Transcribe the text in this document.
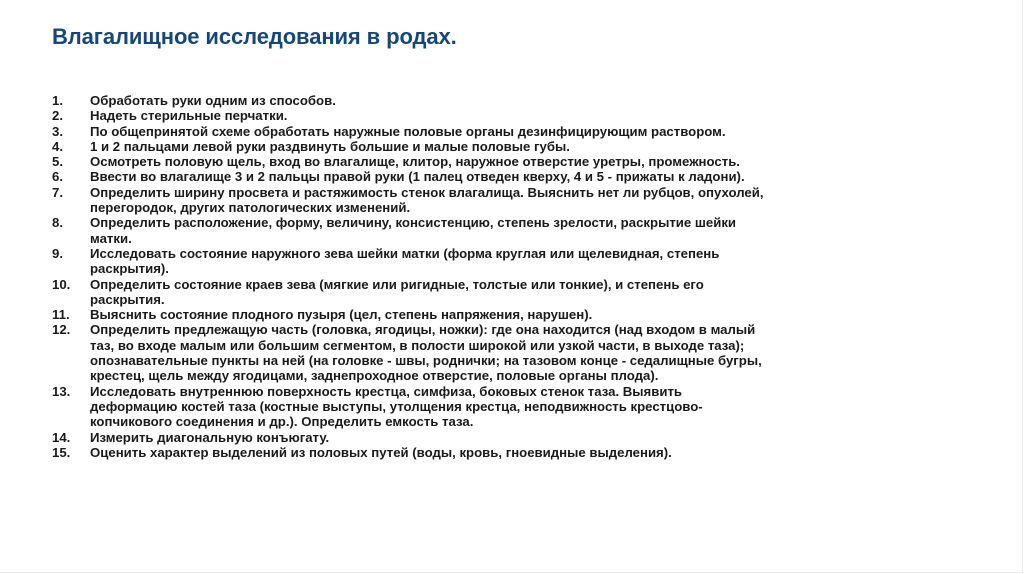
Влагалищное исследования в родах.
1.	Обработать руки одним из способов.
2.	Надеть стерильные перчатки.
3.	По общепринятой схеме обработать наружные половые органы дезинфицирующим раствором.
4.	1 и 2 пальцами левой руки раздвинуть большие и малые половые губы.
5.	Осмотреть половую щель, вход во влагалище, клитор, наружное отверстие уретры, промежность.
6.	Ввести во влагалище 3 и 2 пальцы правой руки (1 палец отведен кверху, 4 и 5 - прижаты к ладони).
7.	Определить ширину просвета и растяжимость стенок влагалища. Выяснить нет ли рубцов, опухолей,
перегородок, других патологических изменений.
8.	Определить расположение, форму, величину, консистенцию, степень зрелости, раскрытие шейки
матки.
9.	Исследовать состояние наружного зева шейки матки (форма круглая или щелевидная, степень
раскрытия).
10.	Определить состояние краев зева (мягкие или ригидные, толстые или тонкие), и степень его
раскрытия.
11.	Выяснить состояние плодного пузыря (цел, степень напряжения, нарушен).
12.	Определить предлежащую часть (головка, ягодицы, ножки): где она находится (над входом в малый
таз, во входе малым или большим сегментом, в полости широкой или узкой части, в выходе таза);
опознавательные пункты на ней (на головке - швы, роднички; на тазовом конце - седалищные бугры,
крестец, щель между ягодицами, заднепроходное отверстие, половые органы плода).
13.	Исследовать внутреннюю поверхность крестца, симфиза, боковых стенок таза. Выявить
деформацию костей таза (костные выступы, утолщения крестца, неподвижность крестцово-
копчикового соединения и др.). Определить емкость таза.
14.	Измерить диагональную конъюгату.
15.	Оценить характер выделений из половых путей (воды, кровь, гноевидные выделения).
